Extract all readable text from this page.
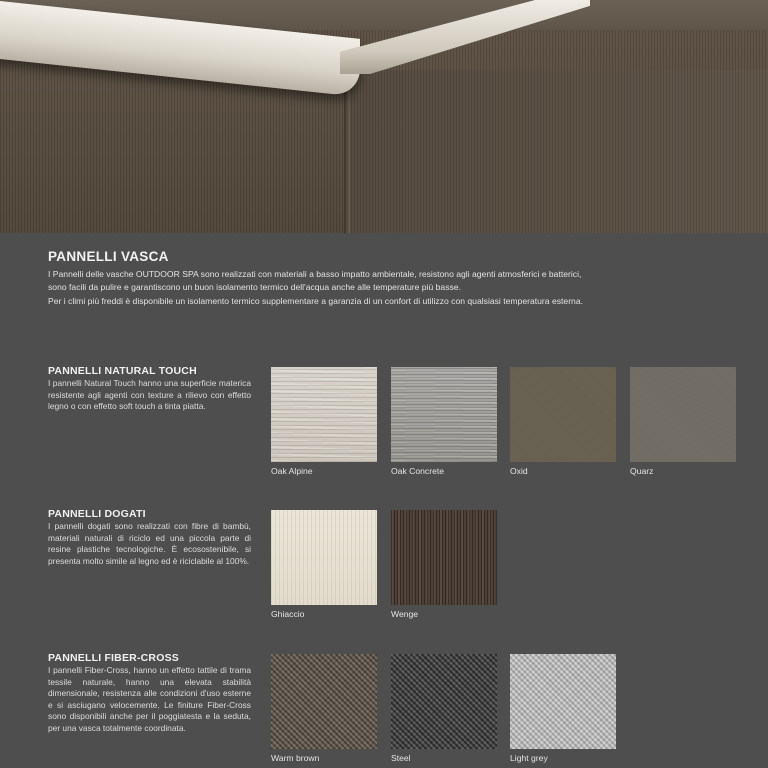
PANNELLI VASCA
I Pannelli delle vasche OUTDOOR SPA sono realizzati con materiali a basso impatto ambientale, resistono agli agenti atmosferici e batterici,
sono facili da pulire e garantiscono un buon isolamento termico dell'acqua anche alle temperature più basse.
Per i climi più freddi è disponibile un isolamento termico supplementare a garanzia di un confort di utilizzo con qualsiasi temperatura esterna.
PANNELLI NATURAL TOUCH

I pannelli Natural Touch hanno una superficie materica resistente agli agenti con texture a rilievo con effetto legno o con effetto soft touch a tinta piatta.

Oak Alpine	Oak Concrete	Oxid	Quarz
PANNELLI DOGATI

I pannelli dogati sono realizzati con fibre di bambù, materiali naturali di riciclo ed una piccola parte di resine plastiche tecnologiche. È ecosostenibile, si presenta molto simile al legno ed è riciclabile al 100%.

Ghiaccio	Wenge
PANNELLI FIBER-CROSS

I pannelli Fiber-Cross, hanno un effetto tattile di trama tessile naturale, hanno una elevata stabilità dimensionale, resistenza alle condizioni d'uso esterne e si asciugano velocemente. Le finiture Fiber-Cross sono disponibili anche per il poggiatesta e la seduta, per una vasca totalmente coordinata.

Warm brown	Steel	Light grey
